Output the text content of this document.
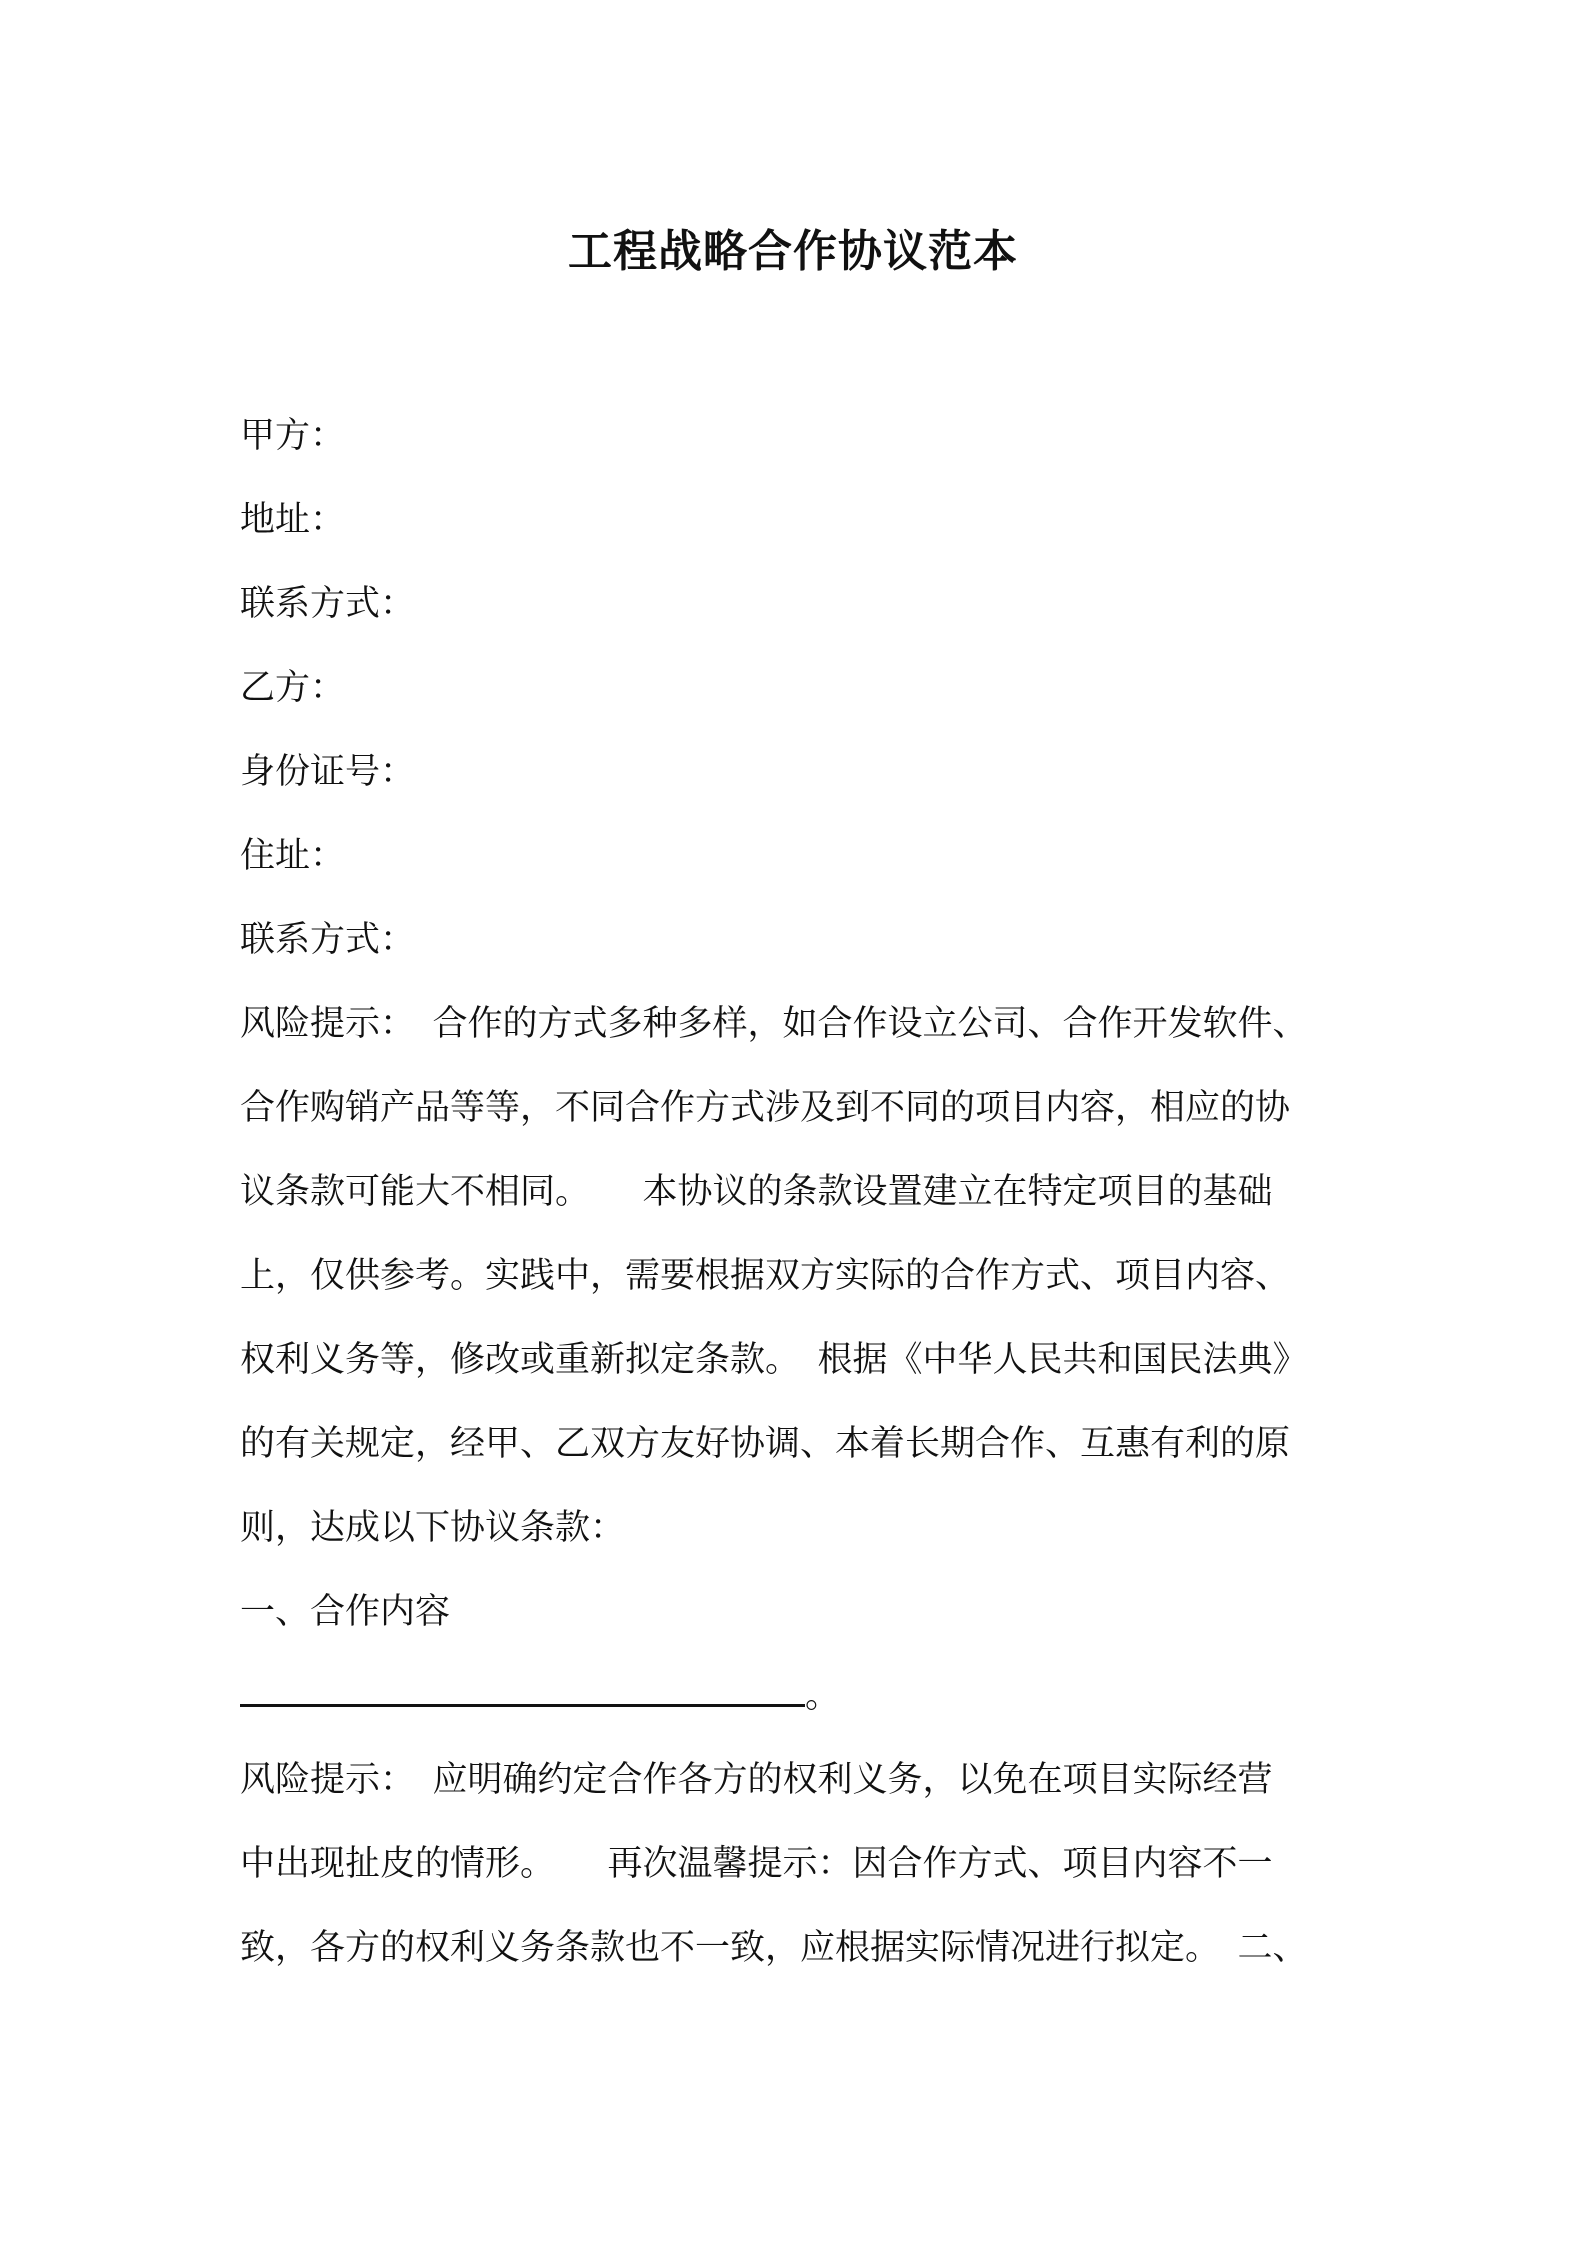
工程战略合作协议范本
甲方：
地址：
联系方式：
乙方：
身份证号：
住址：
联系方式：
风险提示：　合作的方式多种多样，如合作设立公司、合作开发软件、
合作购销产品等等，不同合作方式涉及到不同的项目内容，相应的协
议条款可能大不相同。　　本协议的条款设置建立在特定项目的基础
上，仅供参考。实践中，需要根据双方实际的合作方式、项目内容、
权利义务等，修改或重新拟定条款。　根据《中华人民共和国民法典》
的有关规定，经甲、乙双方友好协调、本着长期合作、互惠有利的原
则，达成以下协议条款：
一、合作内容
。
风险提示：　应明确约定合作各方的权利义务，以免在项目实际经营
中出现扯皮的情形。　　再次温馨提示：因合作方式、项目内容不一
致，各方的权利义务条款也不一致，应根据实际情况进行拟定。　二、
